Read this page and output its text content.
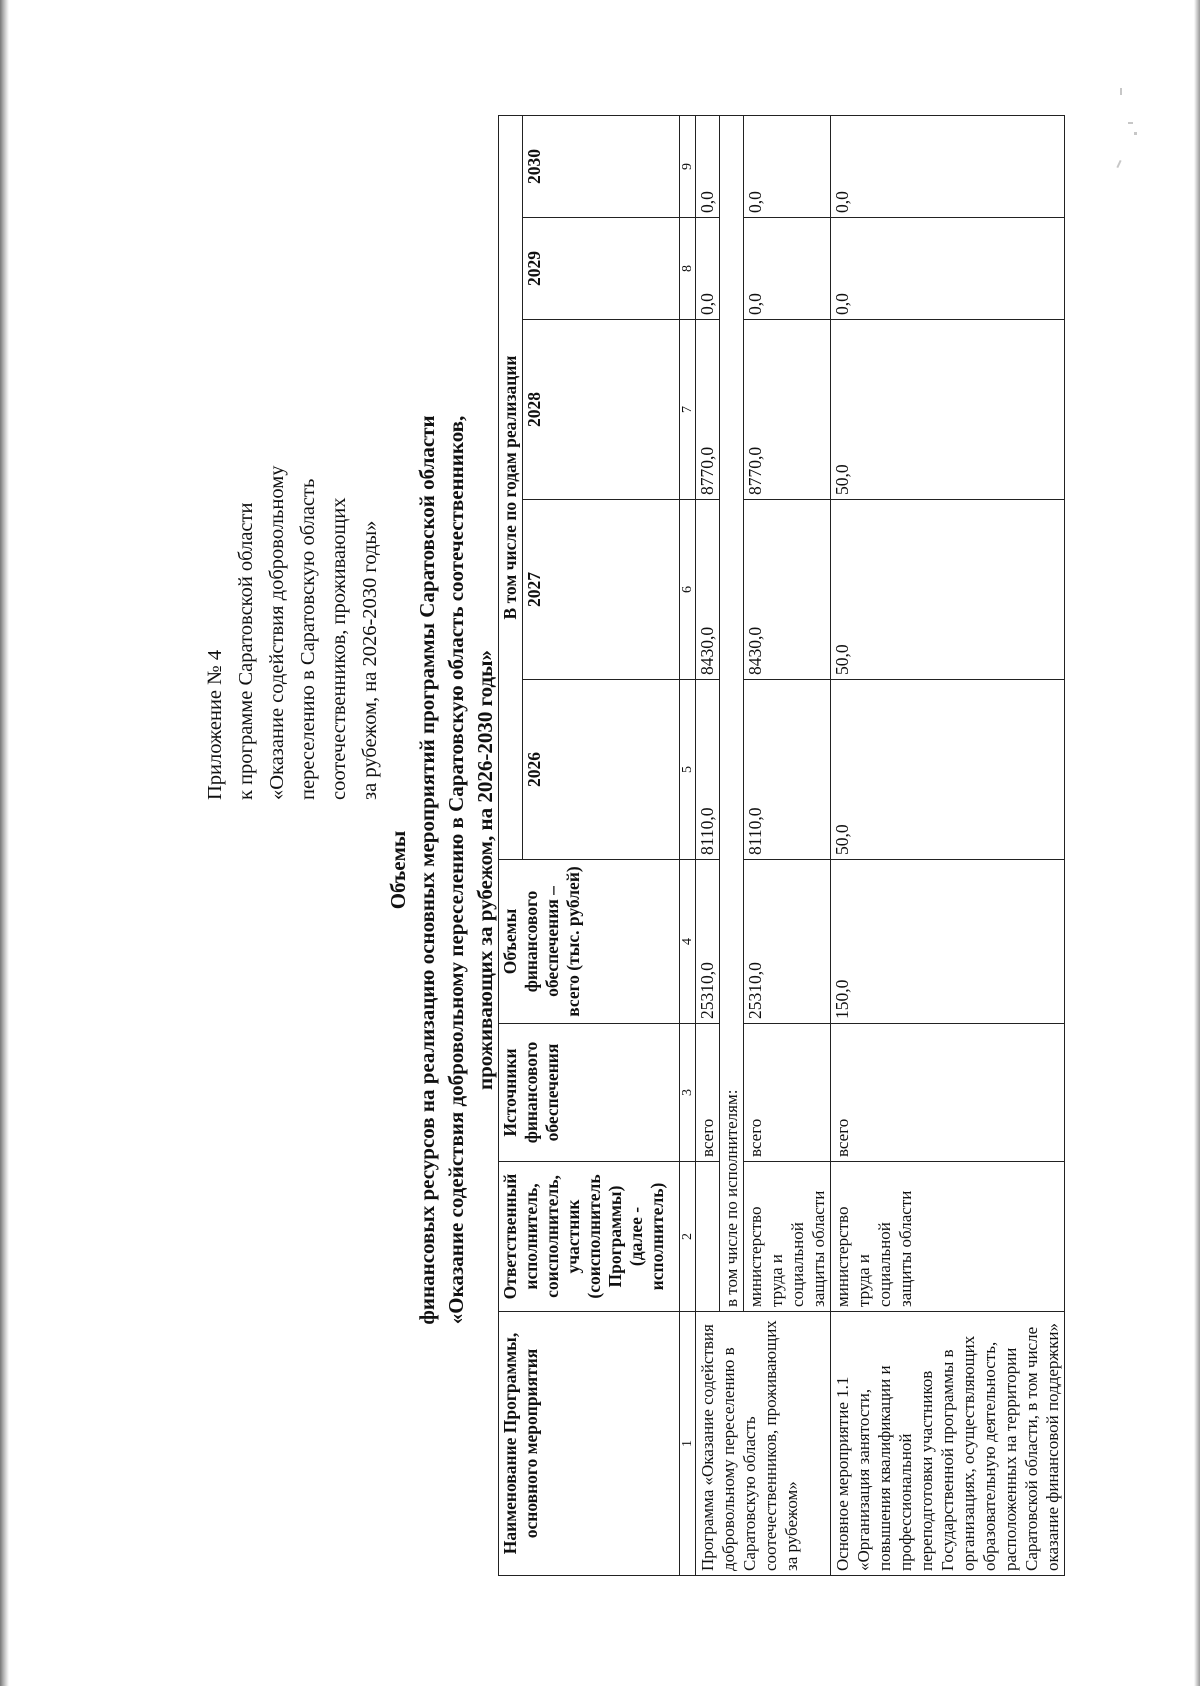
Приложение № 4 к программе Саратовской области «Оказание содействия добровольному переселению в Саратовскую область соотечественников, проживающих за рубежом, на 2026-2030 годы»
Объемы финансовых ресурсов на реализацию основных мероприятий программы Саратовской области «Оказание содействия добровольному переселению в Саратовскую область соотечественников, проживающих за рубежом, на 2026-2030 годы»
Наименование Программы, основного мероприятия	Ответственный исполнитель, соисполнитель, участник (соисполнитель Программы) (далее - исполнитель)	Источники финансового обеспечения	Объемы финансового обеспечения – всего (тыс. рублей)	В том числе по годам реализации				
				2026	2027	2028	2029	2030
1	2	3	4	5	6	7	8	9
Программа «Оказание содействия добровольному переселению в Саратовскую область соотечественников, проживающих за рубежом»		всего	25310,0	8110,0	8430,0	8770,0	0,0	0,0
	в том числе по исполнителям:							
	министерство труда и социальной защиты области	всего	25310,0	8110,0	8430,0	8770,0	0,0	0,0
Основное мероприятие 1.1 «Организация занятости, повышения квалификации и профессиональной переподготовки участников Государственной программы в организациях, осуществляющих образовательную деятельность, расположенных на территории Саратовской области, в том числе оказание финансовой поддержки»	министерство труда и социальной защиты области	всего	150,0	50,0	50,0	50,0	0,0	0,0
